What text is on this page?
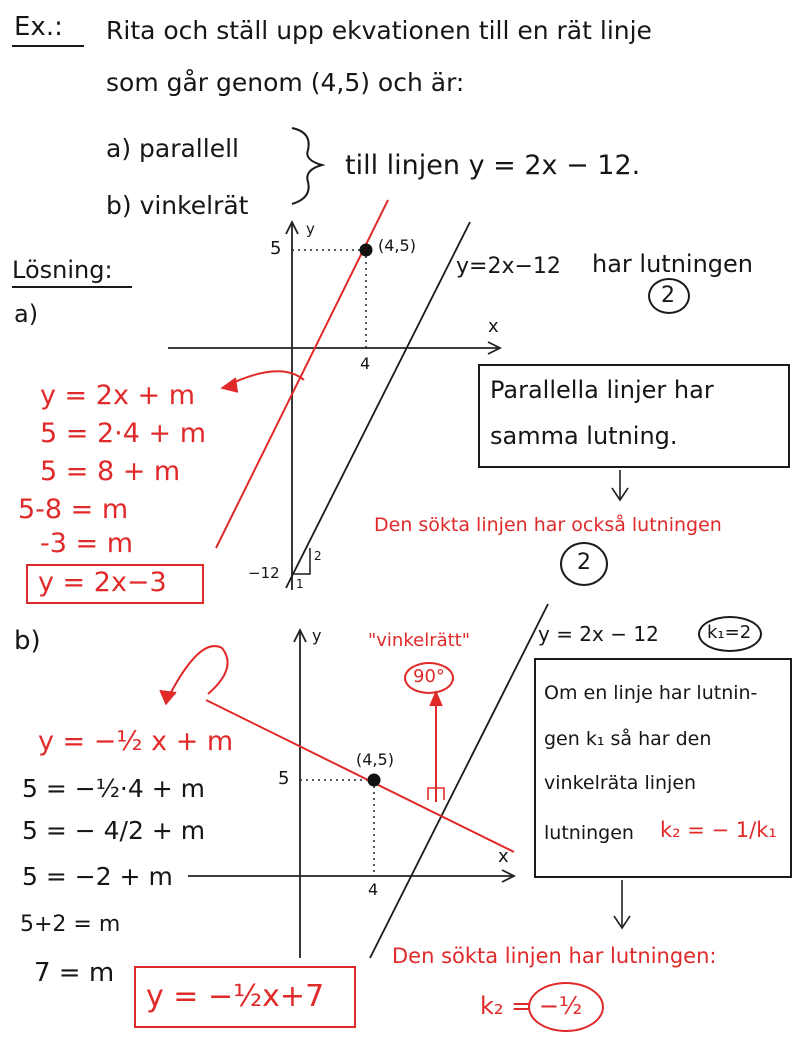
Ex.: Rita och ställ upp ekvationen till en rät linje
som går genom (4,5) och är:
a) parallell
b) vinkelrät
till linjen y = 2x − 12.
Lösning:
a)
y
x
5
4
(4,5)
−12
2
1
y=2x−12 har lutningen
2
y = 2x + m
5 = 2·4 + m
5 = 8 + m
5-8 = m
-3 = m
y = 2x−3
Parallella linjer har
samma lutning.
Den sökta linjen har också lutningen
2
b)	y
x
5
4
(4,5)
"vinkelrätt"
90°
y = 2x − 12	k₁=2
y = −½ x + m
5 = −½·4 + m
5 = − 4/2 + m
5 = −2 + m
5+2 = m
7 = m
y = −½x+7
Om en linje har lutnin-
gen k₁ så har den
vinkelräta linjen
lutningen k₂ = − 1/k₁
Den sökta linjen har lutningen:
k₂ = −½
